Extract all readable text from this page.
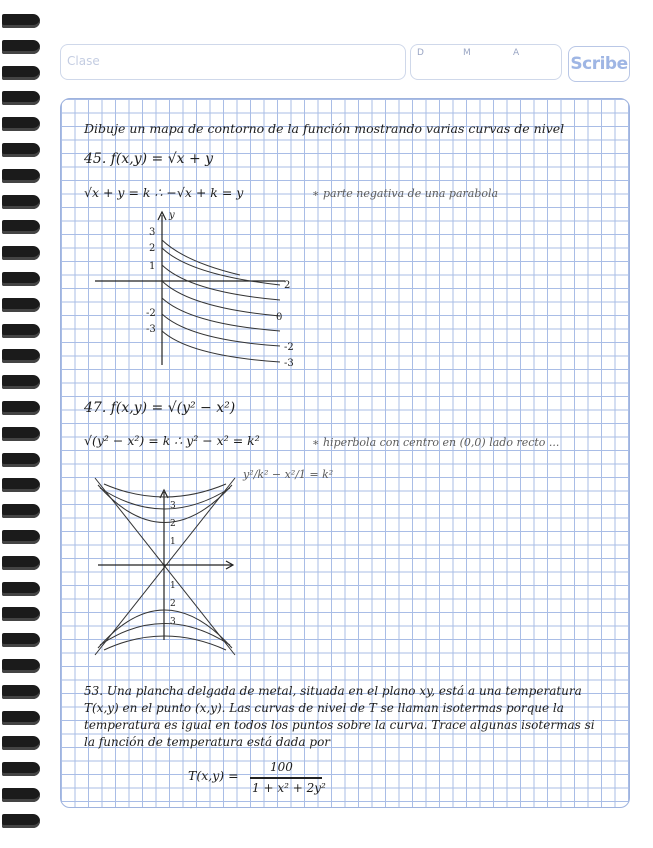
Clase
D	M	A
Scribe
Dibuje un mapa de contorno de la función mostrando varias curvas de nivel
45. f(x,y) = √x + y
√x + y = k ∴ −√x + k = y	∗ parte negativa de una parabola
y
3
2
1
-2
-3
2
0
-2
-3
47. f(x,y) = √(y² − x²)
√(y² − x²) = k ∴ y² − x² = k²	∗ hiperbola con centro en (0,0) lado recto ...
y²/k² − x²/1 = k²
3
2
1
1
2
3
53. Una plancha delgada de metal, situada en el plano xy, está a una temperatura
T(x,y) en el punto (x,y). Las curvas de nivel de T se llaman isotermas porque la
temperatura es igual en todos los puntos sobre la curva. Trace algunas isotermas si
la función de temperatura está dada por
T(x,y) =
100
1 + x² + 2y²
